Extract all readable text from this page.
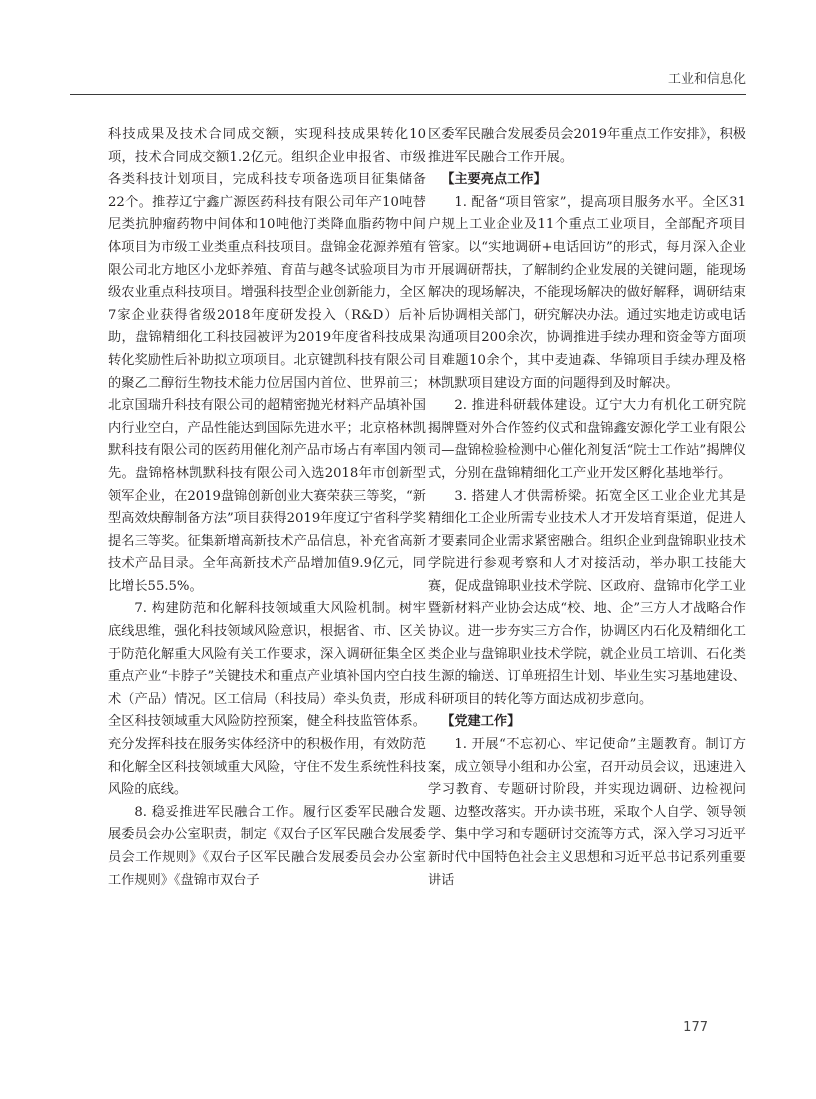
工业和信息化

科技成果及技术合同成交额，实现科技成果转化10项，技术合同成交额1.2亿元。组织企业申报省、市级各类科技计划项目，完成科技专项备选项目征集储备22个。推荐辽宁鑫广源医药科技有限公司年产10吨替尼类抗肿瘤药物中间体和10吨他汀类降血脂药物中间体项目为市级工业类重点科技项目。盘锦金花源养殖有限公司北方地区小龙虾养殖、育苗与越冬试验项目为市级农业重点科技项目。增强科技型企业创新能力，全区7家企业获得省级2018年度研发投入（R&D）后补助，盘锦精细化工科技园被评为2019年度省科技成果转化奖励性后补助拟立项项目。北京键凯科技有限公司的聚乙二醇衍生物技术能力位居国内首位、世界前三；北京国瑞升科技有限公司的超精密抛光材料产品填补国内行业空白，产品性能达到国际先进水平；北京格林凯默科技有限公司的医药用催化剂产品市场占有率国内领先。盘锦格林凯默科技有限公司入选2018年市创新型领军企业，在2019盘锦创新创业大赛荣获三等奖，“新型高效炔醇制备方法”项目获得2019年度辽宁省科学奖提名三等奖。征集新增高新技术产品信息，补充省高新技术产品目录。全年高新技术产品增加值9.9亿元，同比增长55.5%。

7. 构建防范和化解科技领域重大风险机制。树牢底线思维，强化科技领域风险意识，根据省、市、区关于防范化解重大风险有关工作要求，深入调研征集全区重点产业“卡脖子”关键技术和重点产业填补国内空白技术（产品）情况。区工信局（科技局）牵头负责，形成全区科技领域重大风险防控预案，健全科技监管体系。充分发挥科技在服务实体经济中的积极作用，有效防范和化解全区科技领域重大风险，守住不发生系统性科技风险的底线。

8. 稳妥推进军民融合工作。履行区委军民融合发展委员会办公室职责，制定《双台子区军民融合发展委员会工作规则》《双台子区军民融合发展委员会办公室工作规则》《盘锦市双台子

区委军民融合发展委员会2019年重点工作安排》，积极推进军民融合工作开展。

【主要亮点工作】

1. 配备“项目管家”，提高项目服务水平。全区31户规上工业企业及11个重点工业项目，全部配齐项目管家。以“实地调研+电话回访”的形式，每月深入企业开展调研帮扶，了解制约企业发展的关键问题，能现场解决的现场解决，不能现场解决的做好解释，调研结束后协调相关部门，研究解决办法。通过实地走访或电话沟通项目200余次，协调推进手续办理和资金等方面项目难题10余个，其中麦迪森、华锦项目手续办理及格林凯默项目建设方面的问题得到及时解决。

2. 推进科研载体建设。辽宁大力有机化工研究院揭牌暨对外合作签约仪式和盘锦鑫安源化学工业有限公司—盘锦检验检测中心催化剂复活“院士工作站”揭牌仪式，分别在盘锦精细化工产业开发区孵化基地举行。

3. 搭建人才供需桥梁。拓宽全区工业企业尤其是精细化工企业所需专业技术人才开发培育渠道，促进人才要素同企业需求紧密融合。组织企业到盘锦职业技术学院进行参观考察和人才对接活动，举办职工技能大赛，促成盘锦职业技术学院、区政府、盘锦市化学工业暨新材料产业协会达成“校、地、企”三方人才战略合作协议。进一步夯实三方合作，协调区内石化及精细化工类企业与盘锦职业技术学院，就企业员工培训、石化类生源的输送、订单班招生计划、毕业生实习基地建设、科研项目的转化等方面达成初步意向。

【党建工作】

1. 开展“不忘初心、牢记使命”主题教育。制订方案，成立领导小组和办公室，召开动员会议，迅速进入学习教育、专题研讨阶段，并实现边调研、边检视问题、边整改落实。开办读书班，采取个人自学、领导领学、集中学习和专题研讨交流等方式，深入学习习近平新时代中国特色社会主义思想和习近平总书记系列重要讲话

177
